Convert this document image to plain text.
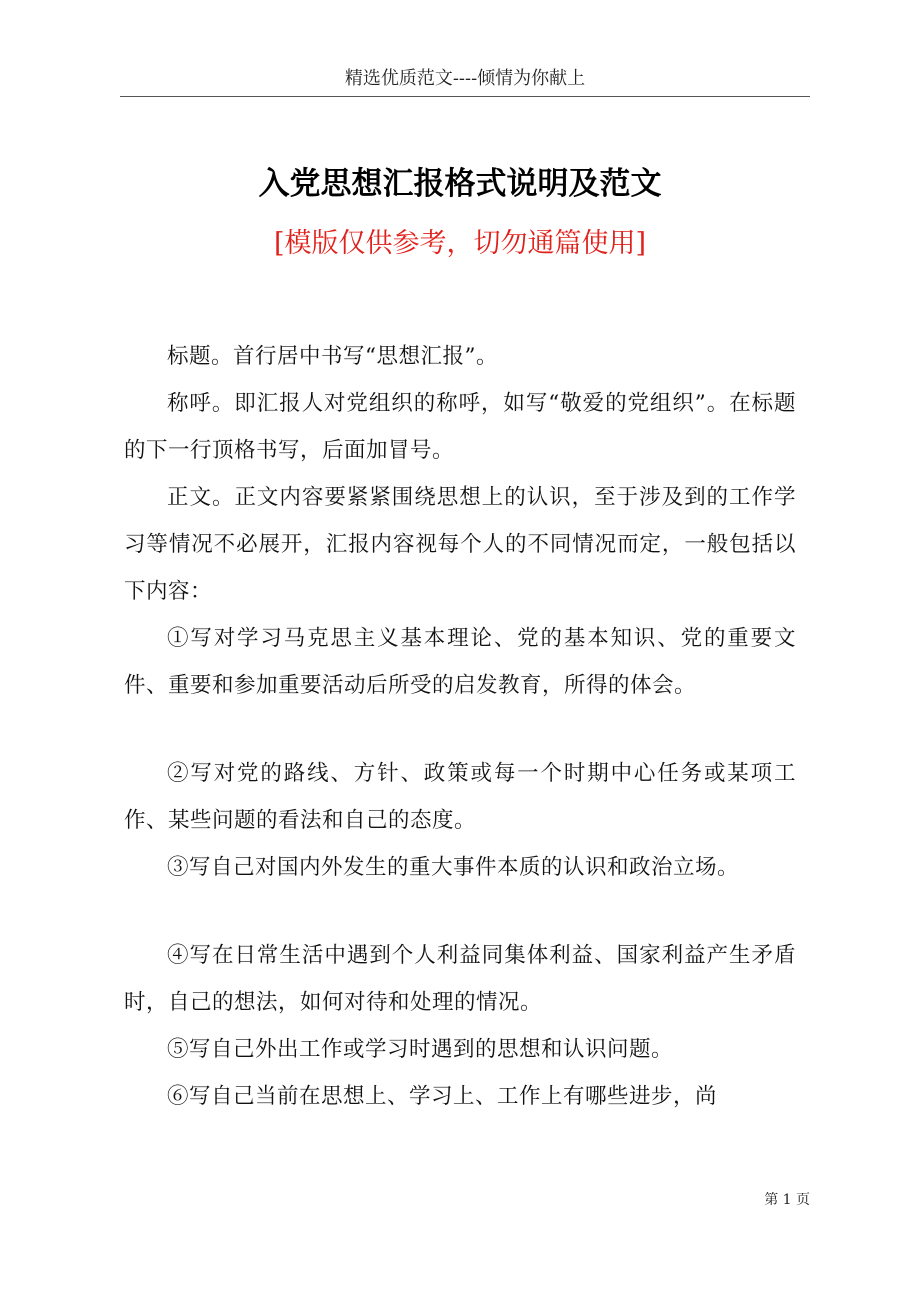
精选优质范文----倾情为你献上
入党思想汇报格式说明及范文
[模版仅供参考，切勿通篇使用]

标题。首行居中书写“思想汇报”。

称呼。即汇报人对党组织的称呼，如写“敬爱的党组织”。在标题的下一行顶格书写，后面加冒号。

正文。正文内容要紧紧围绕思想上的认识，至于涉及到的工作学习等情况不必展开，汇报内容视每个人的不同情况而定，一般包括以下内容：

①写对学习马克思主义基本理论、党的基本知识、党的重要文件、重要和参加重要活动后所受的启发教育，所得的体会。

②写对党的路线、方针、政策或每一个时期中心任务或某项工作、某些问题的看法和自己的态度。

③写自己对国内外发生的重大事件本质的认识和政治立场。

④写在日常生活中遇到个人利益同集体利益、国家利益产生矛盾时，自己的想法，如何对待和处理的情况。

⑤写自己外出工作或学习时遇到的思想和认识问题。

⑥写自己当前在思想上、学习上、工作上有哪些进步，尚

第 1 页
